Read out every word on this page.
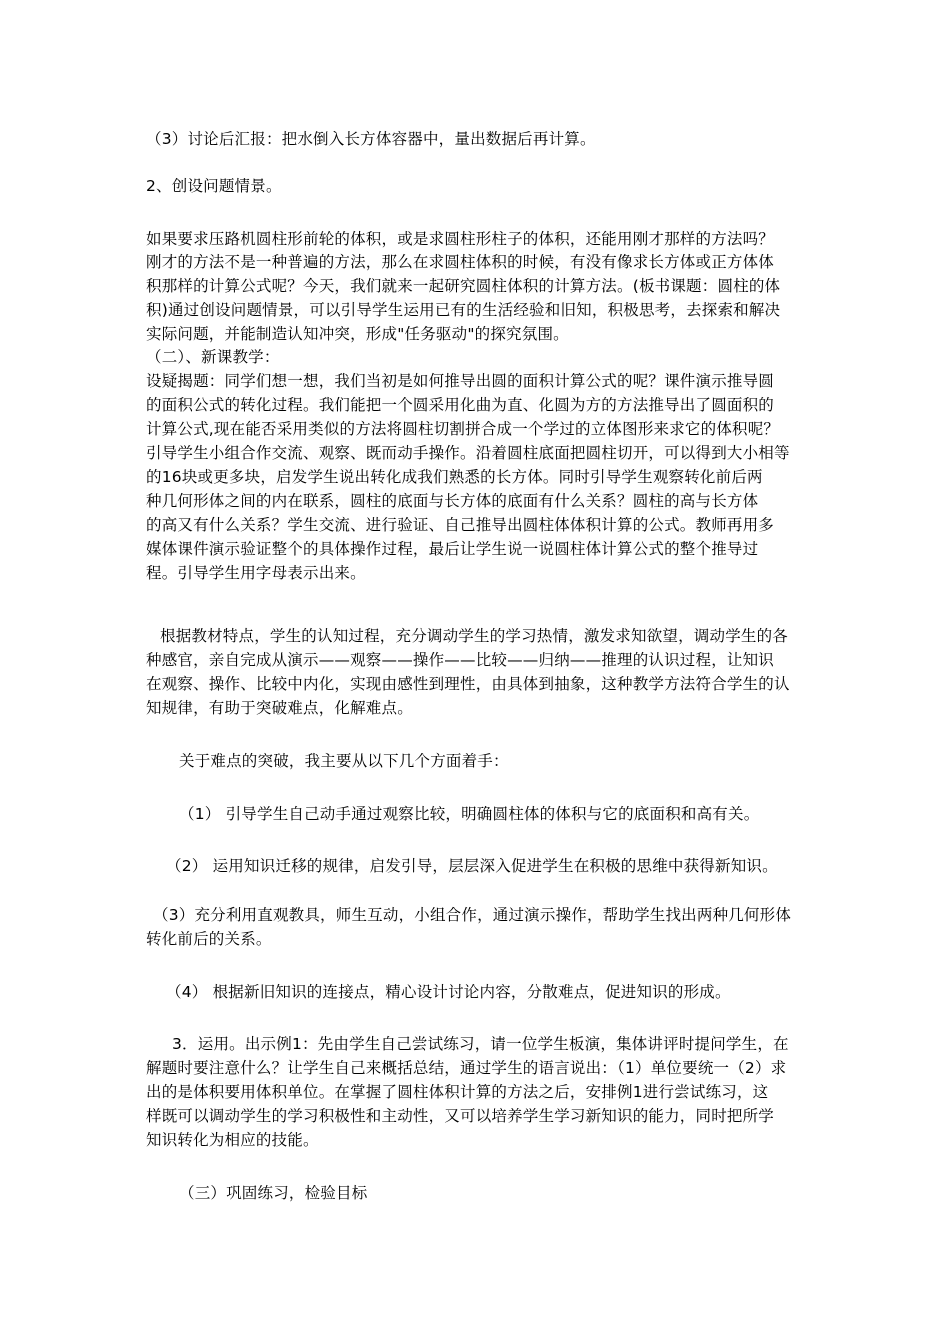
（3）讨论后汇报：把水倒入长方体容器中，量出数据后再计算。
2、创设问题情景。
如果要求压路机圆柱形前轮的体积，或是求圆柱形柱子的体积，还能用刚才那样的方法吗？
刚才的方法不是一种普遍的方法，那么在求圆柱体积的时候，有没有像求长方体或正方体体
积那样的计算公式呢？今天，我们就来一起研究圆柱体积的计算方法。(板书课题：圆柱的体
积)通过创设问题情景，可以引导学生运用已有的生活经验和旧知，积极思考，去探索和解决
实际问题，并能制造认知冲突，形成"任务驱动"的探究氛围。
（二）、新课教学：
设疑揭题：同学们想一想，我们当初是如何推导出圆的面积计算公式的呢？课件演示推导圆
的面积公式的转化过程。我们能把一个圆采用化曲为直、化圆为方的方法推导出了圆面积的
计算公式,现在能否采用类似的方法将圆柱切割拼合成一个学过的立体图形来求它的体积呢？
引导学生小组合作交流、观察、既而动手操作。沿着圆柱底面把圆柱切开，可以得到大小相等
的16块或更多块，启发学生说出转化成我们熟悉的长方体。同时引导学生观察转化前后两
种几何形体之间的内在联系，圆柱的底面与长方体的底面有什么关系？圆柱的高与长方体
的高又有什么关系？学生交流、进行验证、自己推导出圆柱体体积计算的公式。教师再用多
媒体课件演示验证整个的具体操作过程，最后让学生说一说圆柱体计算公式的整个推导过
程。引导学生用字母表示出来。
根据教材特点，学生的认知过程，充分调动学生的学习热情，激发求知欲望，调动学生的各
种感官，亲自完成从演示——观察——操作——比较——归纳——推理的认识过程，让知识
在观察、操作、比较中内化，实现由感性到理性，由具体到抽象，这种教学方法符合学生的认
知规律，有助于突破难点，化解难点。
关于难点的突破，我主要从以下几个方面着手：
（1） 引导学生自己动手通过观察比较，明确圆柱体的体积与它的底面积和高有关。
（2） 运用知识迁移的规律，启发引导，层层深入促进学生在积极的思维中获得新知识。
（3）充分利用直观教具，师生互动，小组合作，通过演示操作，帮助学生找出两种几何形体
转化前后的关系。
（4） 根据新旧知识的连接点，精心设计讨论内容，分散难点，促进知识的形成。
3．运用。出示例1：先由学生自己尝试练习，请一位学生板演，集体讲评时提问学生，在
解题时要注意什么？让学生自己来概括总结，通过学生的语言说出：（1）单位要统一（2）求
出的是体积要用体积单位。在掌握了圆柱体积计算的方法之后，安排例1进行尝试练习，这
样既可以调动学生的学习积极性和主动性，又可以培养学生学习新知识的能力，同时把所学
知识转化为相应的技能。
（三）巩固练习，检验目标
